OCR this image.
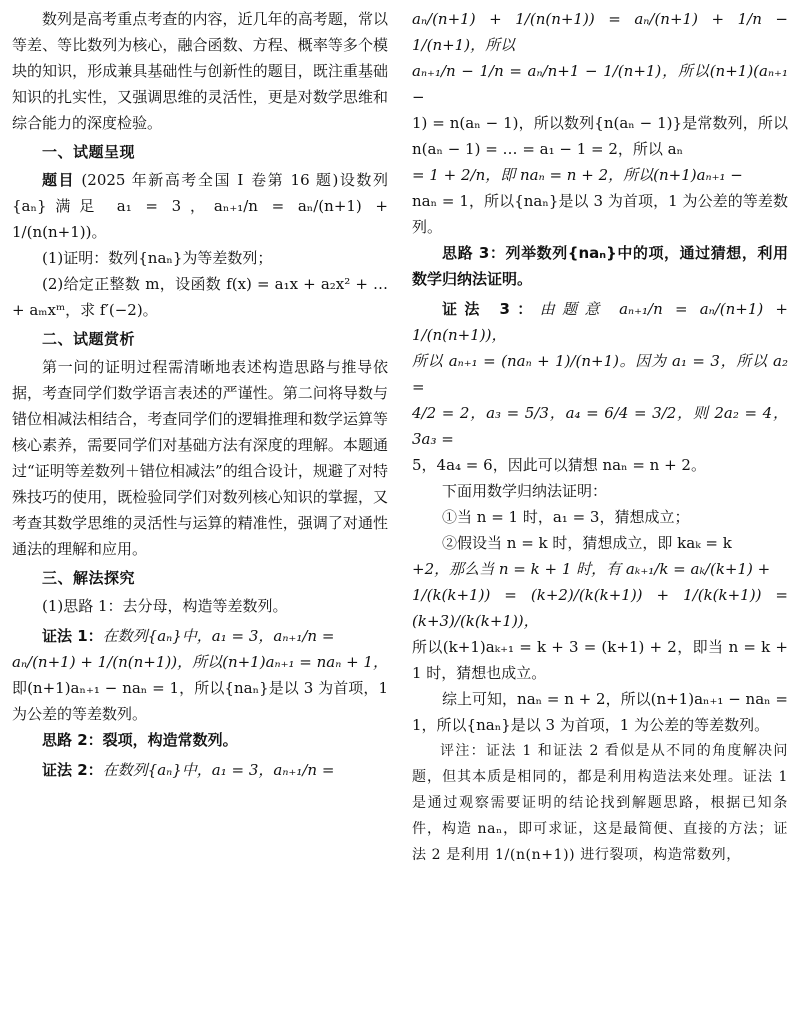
数列是高考重点考查的内容，近几年的高考题，常以等差、等比数列为核心，融合函数、方程、概率等多个模块的知识，形成兼具基础性与创新性的题目，既注重基础知识的扎实性，又强调思维的灵活性，更是对数学思维和综合能力的深度检验。

一、试题呈现

题目 (2025 年新高考全国 Ⅰ 卷第 16 题)设数列{aₙ}满足 a₁ = 3，aₙ₊₁/n = aₙ/(n+1) + 1/(n(n+1))。

(1)证明：数列{naₙ}为等差数列；

(2)给定正整数 m，设函数 f(x) = a₁x + a₂x² + … + aₘxᵐ，求 f′(−2)。

二、试题赏析

第一问的证明过程需清晰地表述构造思路与推导依据，考查同学们数学语言表述的严谨性。第二问将导数与错位相减法相结合，考查同学们的逻辑推理和数学运算等核心素养，需要同学们对基础方法有深度的理解。本题通过“证明等差数列＋错位相减法”的组合设计，规避了对特殊技巧的使用，既检验同学们对数列核心知识的掌握，又考查其数学思维的灵活性与运算的精准性，强调了对通性通法的理解和应用。

三、解法探究

(1)思路 1：去分母，构造等差数列。

证法 1：在数列{aₙ}中，a₁ = 3，aₙ₊₁/n =

aₙ/(n+1) + 1/(n(n+1))，所以(n+1)aₙ₊₁ = naₙ + 1，

即(n+1)aₙ₊₁ − naₙ = 1，所以{naₙ}是以 3 为首项，1 为公差的等差数列。

思路 2：裂项，构造常数列。

证法 2：在数列{aₙ}中，a₁ = 3，aₙ₊₁/n =

aₙ/(n+1) + 1/(n(n+1)) = aₙ/(n+1) + 1/n − 1/(n+1)，所以

aₙ₊₁/n − 1/n = aₙ/n+1 − 1/(n+1)，所以(n+1)(aₙ₊₁ −

1) = n(aₙ − 1)，所以数列{n(aₙ − 1)}是常数列，所以 n(aₙ − 1) = … = a₁ − 1 = 2，所以 aₙ

= 1 + 2/n，即 naₙ = n + 2，所以(n+1)aₙ₊₁ −

naₙ = 1，所以{naₙ}是以 3 为首项，1 为公差的等差数列。

思路 3：列举数列{naₙ}中的项，通过猜想，利用数学归纳法证明。

证法 3：由题意 aₙ₊₁/n = aₙ/(n+1) + 1/(n(n+1))，

所以 aₙ₊₁ = (naₙ + 1)/(n+1)。因为 a₁ = 3，所以 a₂ =

4/2 = 2，a₃ = 5/3，a₄ = 6/4 = 3/2，则 2a₂ = 4，3a₃ =

5，4a₄ = 6，因此可以猜想 naₙ = n + 2。

下面用数学归纳法证明：

①当 n = 1 时，a₁ = 3，猜想成立；

②假设当 n = k 时，猜想成立，即 kaₖ = k

+2，那么当 n = k + 1 时，有 aₖ₊₁/k = aₖ/(k+1) +

1/(k(k+1)) = (k+2)/(k(k+1)) + 1/(k(k+1)) = (k+3)/(k(k+1))，

所以(k+1)aₖ₊₁ = k + 3 = (k+1) + 2，即当 n = k + 1 时，猜想也成立。

综上可知，naₙ = n + 2，所以(n+1)aₙ₊₁ − naₙ = 1，所以{naₙ}是以 3 为首项，1 为公差的等差数列。

评注：证法 1 和证法 2 看似是从不同的角度解决问题，但其本质是相同的，都是利用构造法来处理。证法 1 是通过观察需要证明的结论找到解题思路，根据已知条件，构造 naₙ，即可求证，这是最简便、直接的方法；证法 2 是利用 1/(n(n+1)) 进行裂项，构造常数列，
